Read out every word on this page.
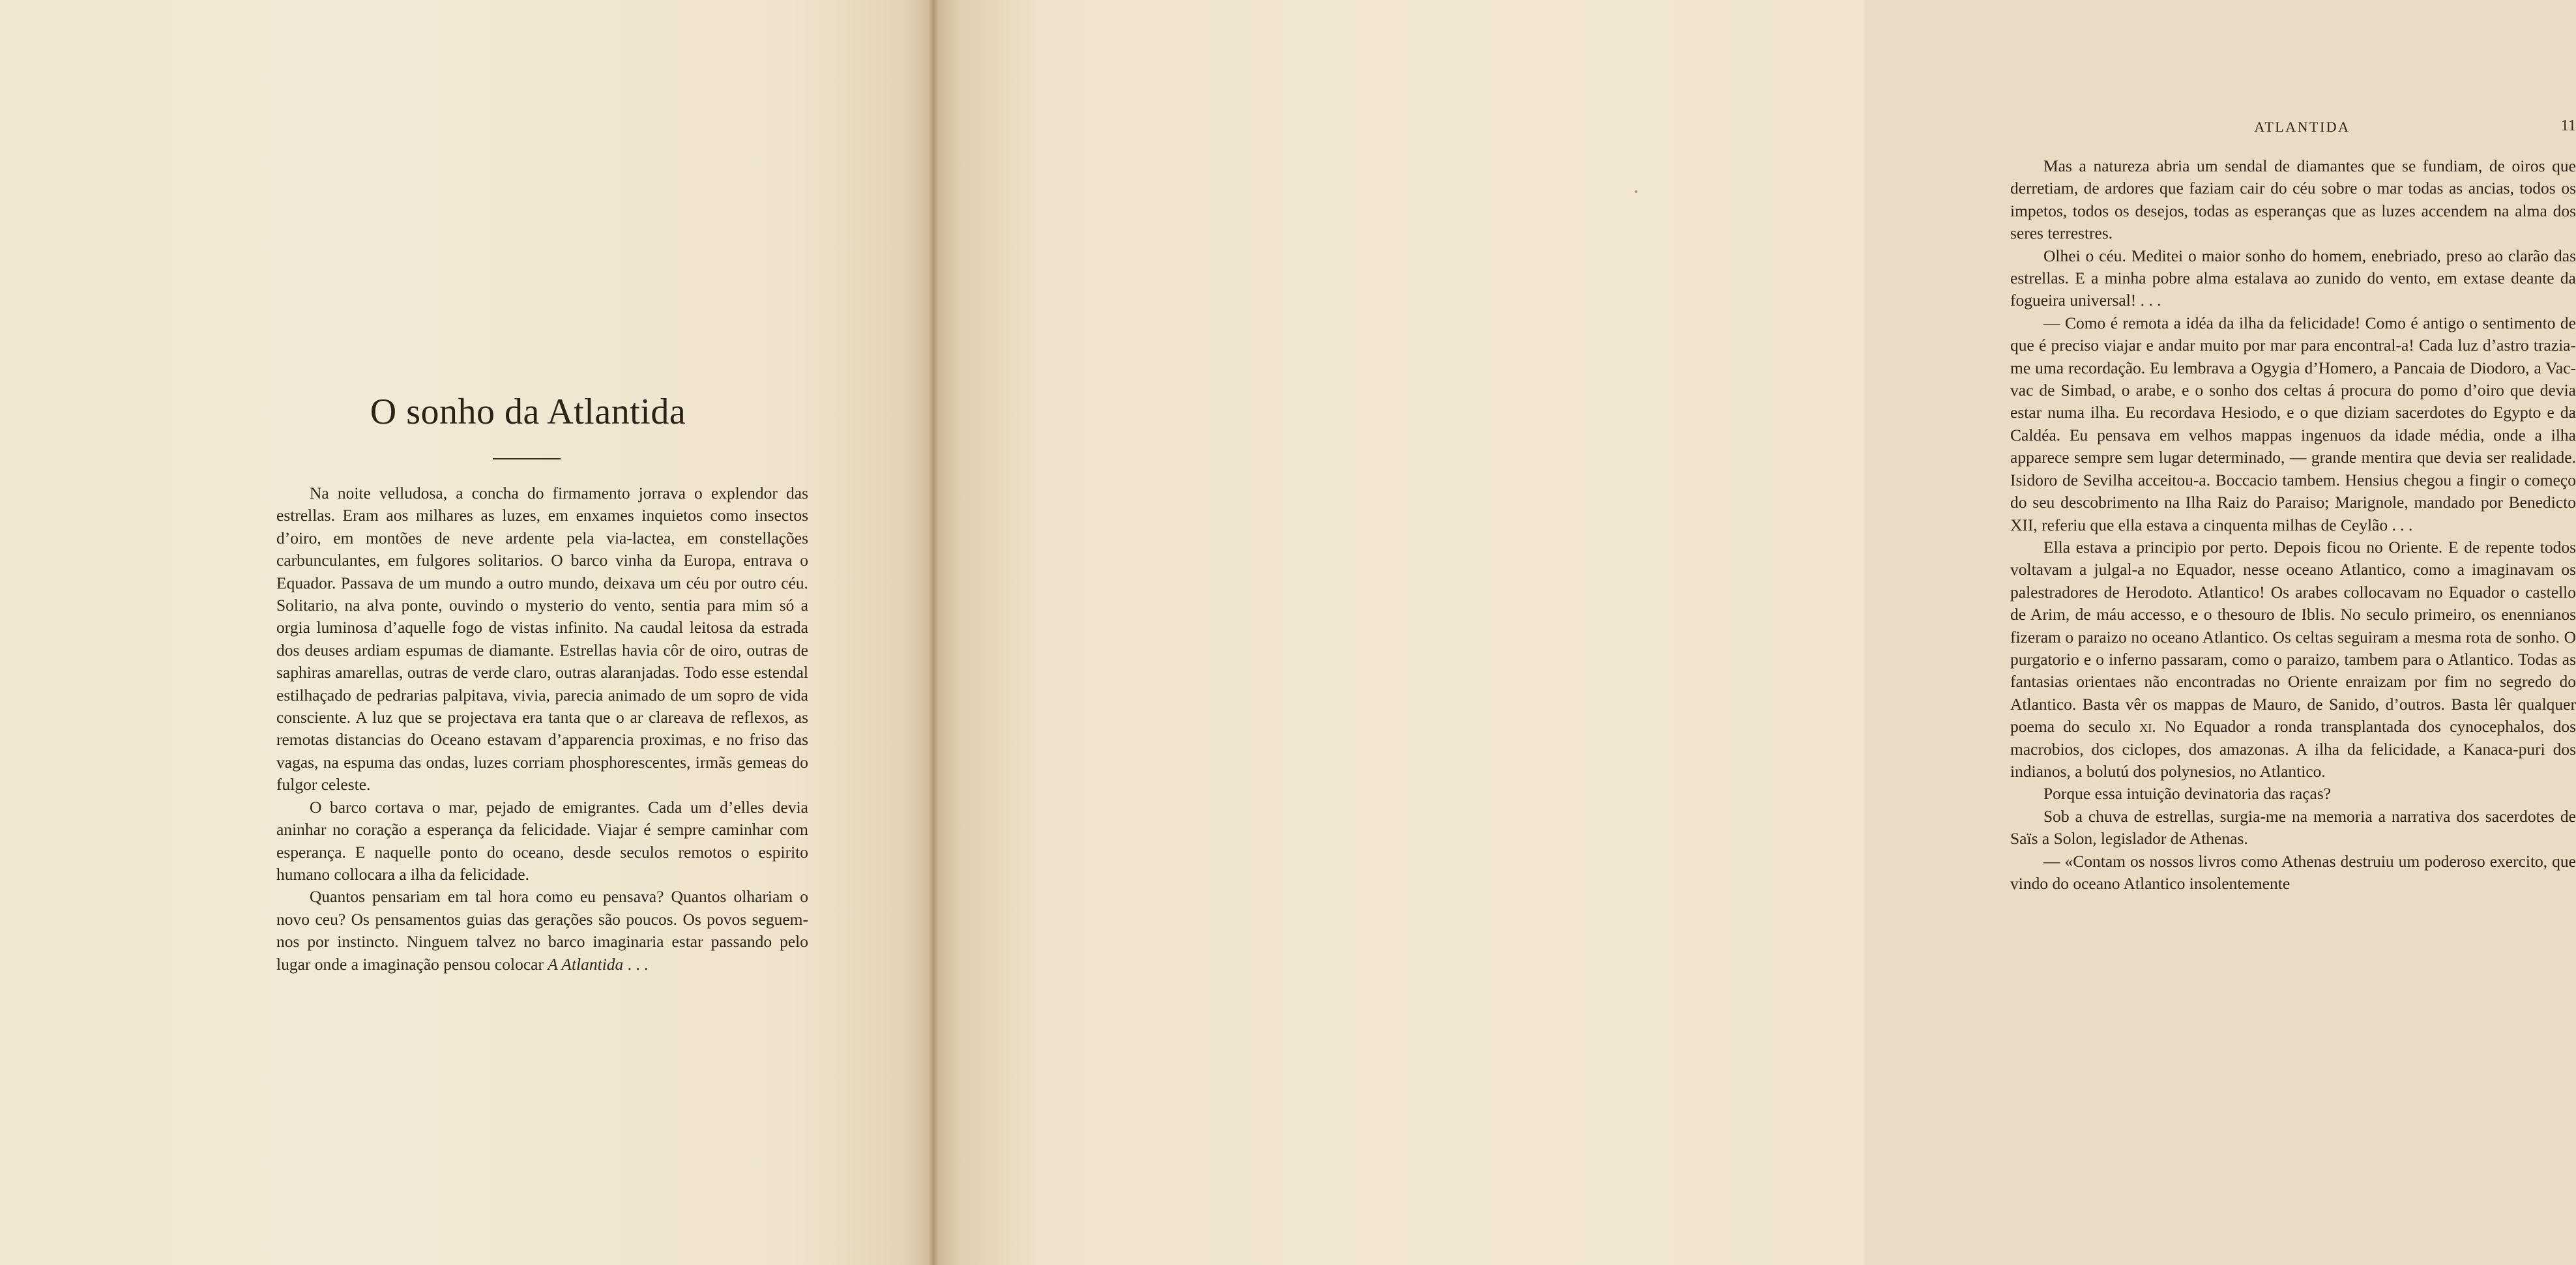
O sonho da Atlantida

Na noite velludosa, a concha do firmamento jorrava o explendor das estrellas. Eram aos milhares as luzes, em enxames inquietos como insectos d’oiro, em montões de neve ardente pela via-lactea, em constellações carbunculantes, em fulgores solitarios. O barco vinha da Europa, entrava o Equador. Passava de um mundo a outro mundo, deixava um céu por outro céu. Solitario, na alva ponte, ouvindo o mysterio do vento, sentia para mim só a orgia luminosa d’aquelle fogo de vistas infinito. Na caudal leitosa da estrada dos deuses ardiam espumas de diamante. Estrellas havia côr de oiro, outras de saphiras amarellas, outras de verde claro, outras alaranjadas. Todo esse estendal estilhaçado de pedrarias palpitava, vivia, parecia animado de um sopro de vida consciente. A luz que se projectava era tanta que o ar clareava de reflexos, as remotas distancias do Oceano estavam d’apparencia proximas, e no friso das vagas, na espuma das ondas, luzes corriam phosphorescentes, irmãs gemeas do fulgor celeste.

O barco cortava o mar, pejado de emigrantes. Cada um d’elles devia aninhar no coração a esperança da felicidade. Viajar é sempre caminhar com esperança. E naquelle ponto do oceano, desde seculos remotos o espirito humano collocara a ilha da felicidade.

Quantos pensariam em tal hora como eu pensava? Quantos olhariam o novo ceu? Os pensamentos guias das gerações são poucos. Os povos seguem-nos por instincto. Ninguem talvez no barco imaginaria estar passando pelo lugar onde a imaginação pensou colocar A Atlantida . . .

ATLANTIDA	11

Mas a natureza abria um sendal de diamantes que se fundiam, de oiros que derretiam, de ardores que faziam cair do céu sobre o mar todas as ancias, todos os impetos, todos os desejos, todas as esperanças que as luzes accendem na alma dos seres terrestres.

Olhei o céu. Meditei o maior sonho do homem, enebriado, preso ao clarão das estrellas. E a minha pobre alma estalava ao zunido do vento, em extase deante da fogueira universal! . . .

— Como é remota a idéa da ilha da felicidade! Como é antigo o sentimento de que é preciso viajar e andar muito por mar para encontral-a! Cada luz d’astro trazia-me uma recordação. Eu lembrava a Ogygia d’Homero, a Pancaia de Diodoro, a Vac-vac de Simbad, o arabe, e o sonho dos celtas á procura do pomo d’oiro que devia estar numa ilha. Eu recordava Hesiodo, e o que diziam sacerdotes do Egypto e da Caldéa. Eu pensava em velhos mappas ingenuos da idade média, onde a ilha apparece sempre sem lugar determinado, — grande mentira que devia ser realidade. Isidoro de Sevilha acceitou-a. Boccacio tambem. Hensius chegou a fingir o começo do seu descobrimento na Ilha Raiz do Paraiso; Marignole, mandado por Benedicto XII, referiu que ella estava a cinquenta milhas de Ceylão . . .

Ella estava a principio por perto. Depois ficou no Oriente. E de repente todos voltavam a julgal-a no Equador, nesse oceano Atlantico, como a imaginavam os palestradores de Herodoto. Atlantico! Os arabes collocavam no Equador o castello de Arim, de máu accesso, e o thesouro de Iblis. No seculo primeiro, os enennianos fizeram o paraizo no oceano Atlantico. Os celtas seguiram a mesma rota de sonho. O purgatorio e o inferno passaram, como o paraizo, tambem para o Atlantico. Todas as fantasias orientaes não encontradas no Oriente enraizam por fim no segredo do Atlantico. Basta vêr os mappas de Mauro, de Sanido, d’outros. Basta lêr qualquer poema do seculo xi. No Equador a ronda transplantada dos cynocephalos, dos macrobios, dos ciclopes, dos amazonas. A ilha da felicidade, a Kanaca-puri dos indianos, a bolutú dos polynesios, no Atlantico.

Porque essa intuição devinatoria das raças?

Sob a chuva de estrellas, surgia-me na memoria a narrativa dos sacerdotes de Saïs a Solon, legislador de Athenas.

— «Contam os nossos livros como Athenas destruiu um poderoso exercito, que vindo do oceano Atlantico insolentemente
